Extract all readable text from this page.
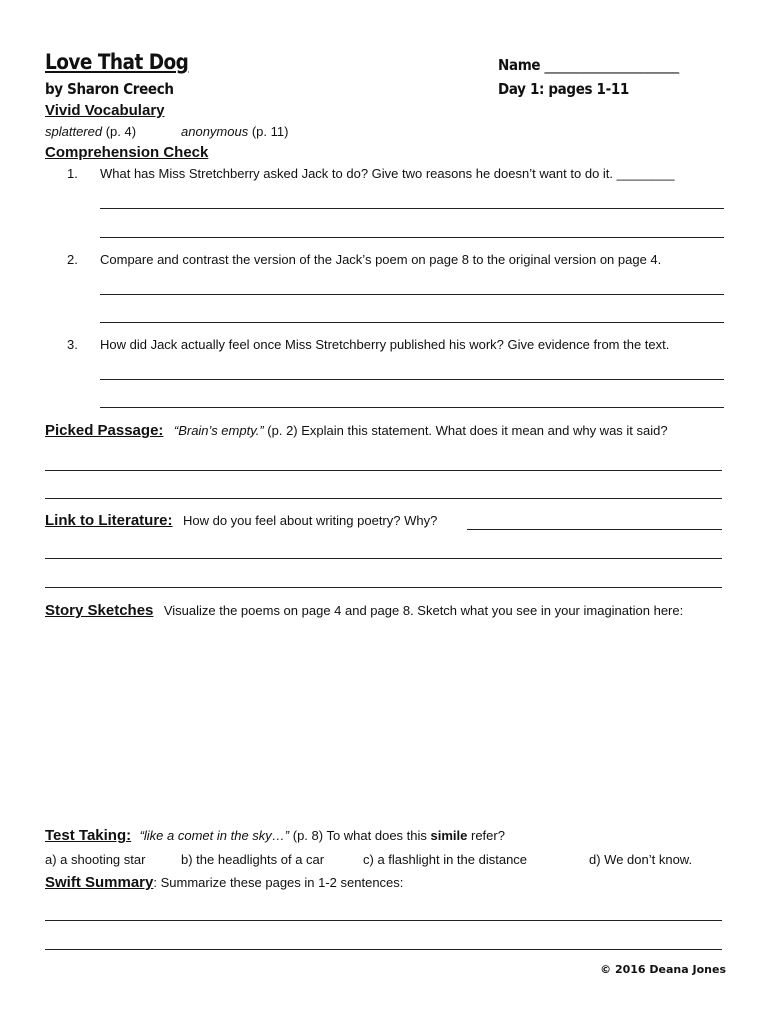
Love That Dog
by Sharon Creech
Name _____________________
Day 1: pages 1-11
Vivid Vocabulary
splattered (p. 4)	anonymous (p. 11)
Comprehension Check
1. What has Miss Stretchberry asked Jack to do? Give two reasons he doesn’t want to do it. ________
2. Compare and contrast the version of the Jack’s poem on page 8 to the original version on page 4.
3. How did Jack actually feel once Miss Stretchberry published his work? Give evidence from the text.
Picked Passage: “Brain’s empty.” (p. 2) Explain this statement. What does it mean and why was it said?
Link to Literature: How do you feel about writing poetry? Why?
Story Sketches Visualize the poems on page 4 and page 8. Sketch what you see in your imagination here:
Test Taking: “like a comet in the sky…” (p. 8) To what does this simile refer?
a) a shooting star	b) the headlights of a car	c) a flashlight in the distance	d) We don’t know.
Swift Summary: Summarize these pages in 1-2 sentences:
© 2016 Deana Jones
